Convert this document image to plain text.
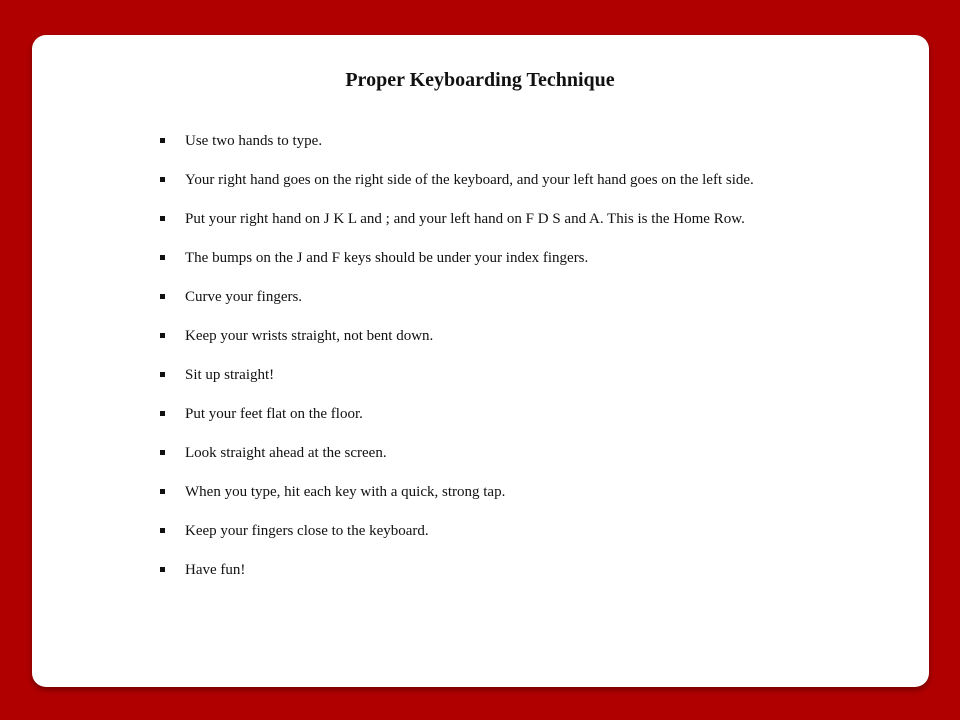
Proper Keyboarding Technique
Use two hands to type.
Your right hand goes on the right side of the keyboard, and your left hand goes on the left side.
Put your right hand on J K L and ; and your left hand on F D S and A. This is the Home Row.
The bumps on the J and F keys should be under your index fingers.
Curve your fingers.
Keep your wrists straight, not bent down.
Sit up straight!
Put your feet flat on the floor.
Look straight ahead at the screen.
When you type, hit each key with a quick, strong tap.
Keep your fingers close to the keyboard.
Have fun!
